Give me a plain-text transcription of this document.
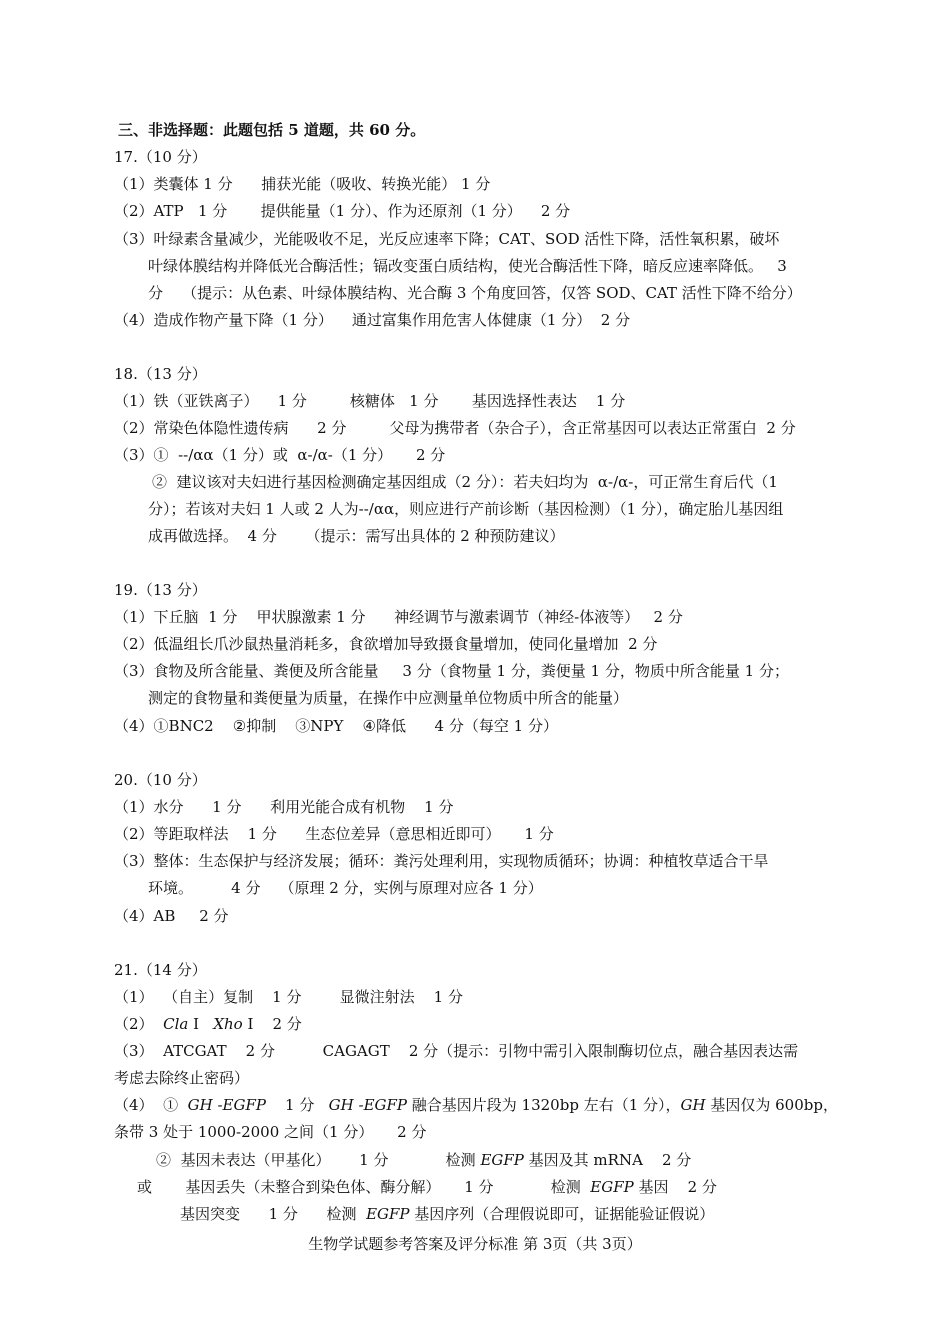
三、非选择题：此题包括 5 道题，共 60 分。
17.（10 分）
（1）类囊体 1 分      捕获光能（吸收、转换光能） 1 分
（2）ATP   1 分       提供能量（1 分）、作为还原剂（1 分）    2 分
（3）叶绿素含量减少，光能吸收不足，光反应速率下降；CAT、SOD 活性下降，活性氧积累，破坏
叶绿体膜结构并降低光合酶活性；镉改变蛋白质结构，使光合酶活性下降，暗反应速率降低。   3
分    （提示：从色素、叶绿体膜结构、光合酶 3 个角度回答，仅答 SOD、CAT 活性下降不给分）
（4）造成作物产量下降（1 分）    通过富集作用危害人体健康（1 分）  2 分
18.（13 分）
（1）铁（亚铁离子）    1 分         核糖体   1 分       基因选择性表达    1 分
（2）常染色体隐性遗传病      2 分         父母为携带者（杂合子），含正常基因可以表达正常蛋白  2 分
（3）①  --/αα（1 分）或  α-/α-（1 分）     2 分
②  建议该对夫妇进行基因检测确定基因组成（2 分）：若夫妇均为  α-/α-，可正常生育后代（1
分）；若该对夫妇 1 人或 2 人为--/αα，则应进行产前诊断（基因检测）（1 分），确定胎儿基因组
成再做选择。  4 分      （提示：需写出具体的 2 种预防建议）
19.（13 分）
（1）下丘脑  1 分    甲状腺激素 1 分      神经调节与激素调节（神经-体液等）   2 分
（2）低温组长爪沙鼠热量消耗多，食欲增加导致摄食量增加，使同化量增加  2 分
（3）食物及所含能量、粪便及所含能量     3 分（食物量 1 分，粪便量 1 分，物质中所含能量 1 分；
测定的食物量和粪便量为质量，在操作中应测量单位物质中所含的能量）
（4）①BNC2    ②抑制    ③NPY    ④降低      4 分（每空 1 分）
20.（10 分）
（1）水分      1 分      利用光能合成有机物    1 分
（2）等距取样法    1 分      生态位差异（意思相近即可）     1 分
（3）整体：生态保护与经济发展；循环：粪污处理利用，实现物质循环；协调：种植牧草适合干旱
环境。        4 分    （原理 2 分，实例与原理对应各 1 分）
（4）AB     2 分
21.（14 分）
（1）  （自主）复制    1 分        显微注射法    1 分
（2）  Cla I   Xho I    2 分
（3）  ATCGAT    2 分          CAGAGT    2 分（提示：引物中需引入限制酶切位点，融合基因表达需
考虑去除终止密码）
（4）  ①  GH -EGFP    1 分   GH -EGFP 融合基因片段为 1320bp 左右（1 分），GH 基因仅为 600bp，
条带 3 处于 1000-2000 之间（1 分）     2 分
②  基因未表达（甲基化）      1 分            检测 EGFP 基因及其 mRNA    2 分
或       基因丢失（未整合到染色体、酶分解）     1 分            检测  EGFP 基因    2 分
基因突变      1 分      检测  EGFP 基因序列（合理假说即可，证据能验证假说）
生物学试题参考答案及评分标准 第 3页（共 3页）
